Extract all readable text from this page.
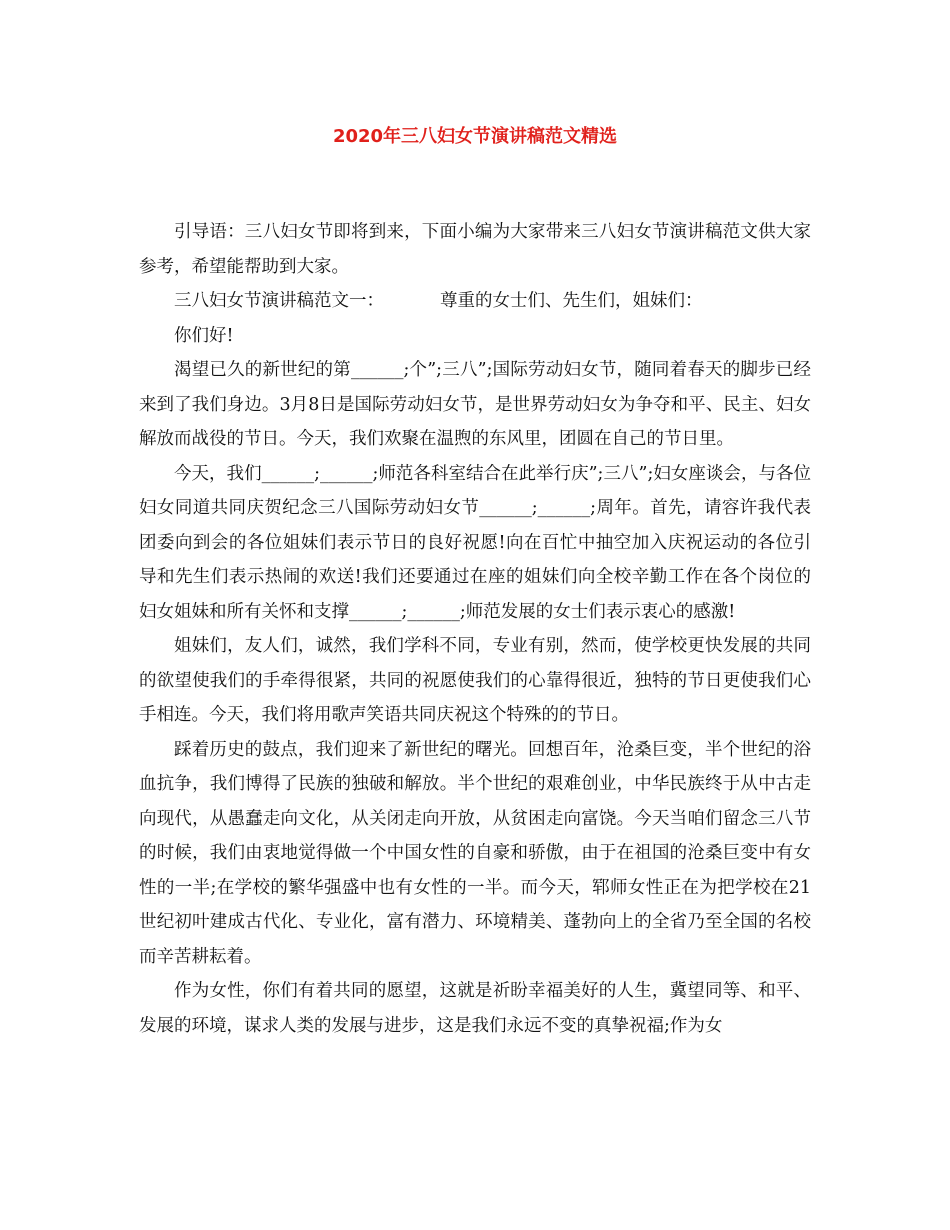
2020年三八妇女节演讲稿范文精选

引导语：三八妇女节即将到来，下面小编为大家带来三八妇女节演讲稿范文供大家参考，希望能帮助到大家。

三八妇女节演讲稿范文一：	尊重的女士们、先生们，姐妹们：

你们好!

渴望已久的新世纪的第______;个”;三八”;国际劳动妇女节，随同着春天的脚步已经来到了我们身边。3月8日是国际劳动妇女节，是世界劳动妇女为争夺和平、民主、妇女解放而战役的节日。今天，我们欢聚在温煦的东风里，团圆在自己的节日里。

今天，我们______;______;师范各科室结合在此举行庆”;三八”;妇女座谈会，与各位妇女同道共同庆贺纪念三八国际劳动妇女节______;______;周年。首先，请容许我代表团委向到会的各位姐妹们表示节日的良好祝愿!向在百忙中抽空加入庆祝运动的各位引导和先生们表示热闹的欢送!我们还要通过在座的姐妹们向全校辛勤工作在各个岗位的妇女姐妹和所有关怀和支撑______;______;师范发展的女士们表示衷心的感激!

姐妹们，友人们，诚然，我们学科不同，专业有别，然而，使学校更快发展的共同的欲望使我们的手牵得很紧，共同的祝愿使我们的心靠得很近，独特的节日更使我们心手相连。今天，我们将用歌声笑语共同庆祝这个特殊的的节日。

踩着历史的鼓点，我们迎来了新世纪的曙光。回想百年，沧桑巨变，半个世纪的浴血抗争，我们博得了民族的独破和解放。半个世纪的艰难创业，中华民族终于从中古走向现代，从愚蠢走向文化，从关闭走向开放，从贫困走向富饶。今天当咱们留念三八节的时候，我们由衷地觉得做一个中国女性的自豪和骄傲，由于在祖国的沧桑巨变中有女性的一半;在学校的繁华强盛中也有女性的一半。而今天，郓师女性正在为把学校在21世纪初叶建成古代化、专业化，富有潜力、环境精美、蓬勃向上的全省乃至全国的名校而辛苦耕耘着。

作为女性，你们有着共同的愿望，这就是祈盼幸福美好的人生，冀望同等、和平、发展的环境，谋求人类的发展与进步，这是我们永远不变的真挚祝福;作为女
